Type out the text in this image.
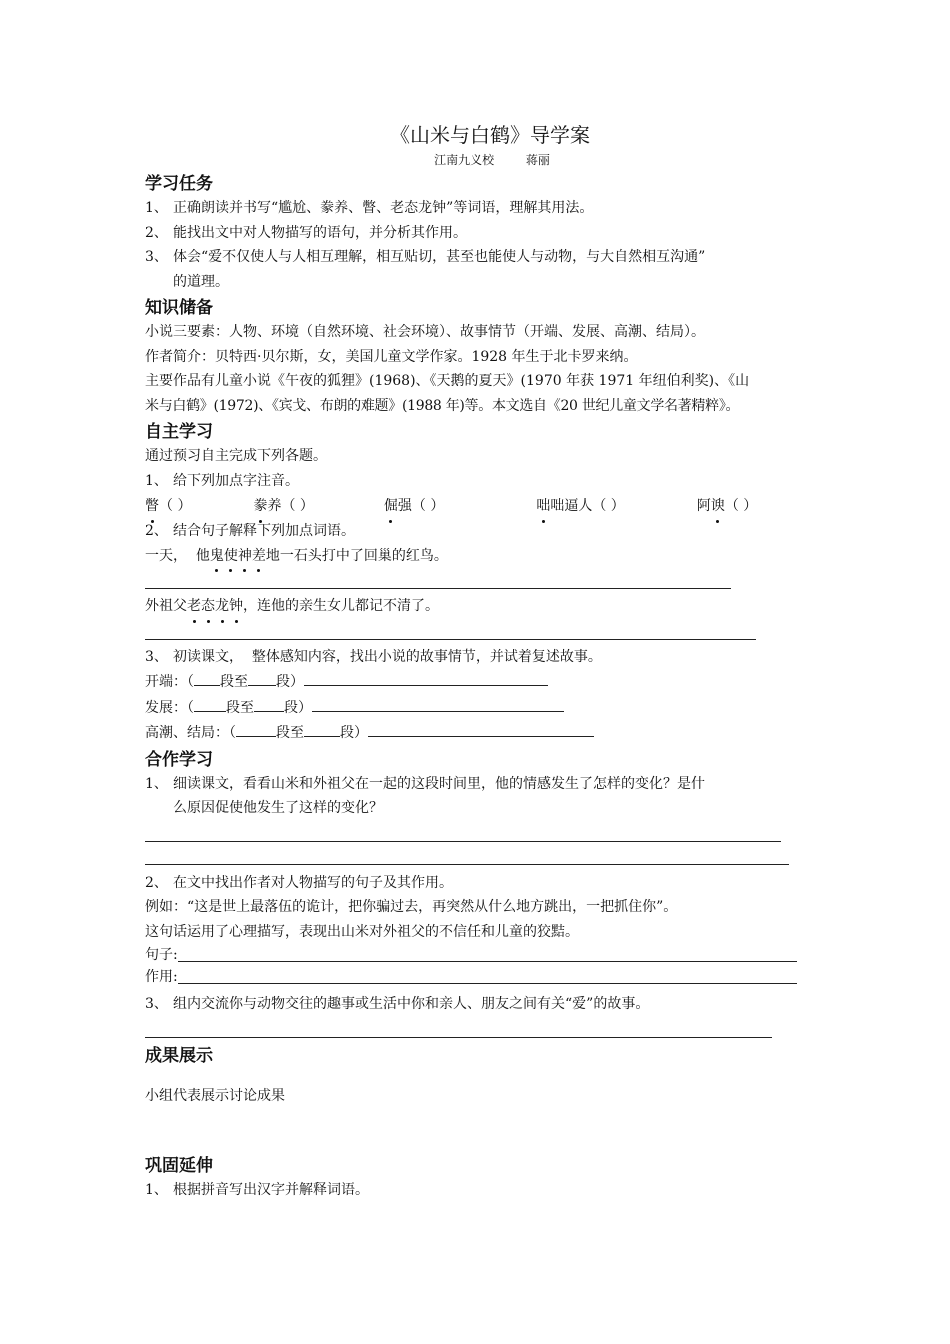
《山米与白鹤》导学案
江南九义校	蒋丽
学习任务
1、 正确朗读并书写“尴尬、豢养、瞥、老态龙钟”等词语，理解其用法。
2、 能找出文中对人物描写的语句，并分析其作用。
3、 体会“爱不仅使人与人相互理解，相互贴切，甚至也能使人与动物，与大自然相互沟通”
的道理。
知识储备
小说三要素：人物、环境（自然环境、社会环境）、故事情节（开端、发展、高潮、结局）。
作者简介：贝特西·贝尔斯，女，美国儿童文学作家。1928 年生于北卡罗来纳。
主要作品有儿童小说《午夜的狐狸》(1968)、《天鹅的夏天》(1970 年获 1971 年纽伯利奖)、《山
米与白鹤》(1972)、《宾戈、布朗的难题》(1988 年)等。本文选自《20 世纪儿童文学名著精粹》。
自主学习
通过预习自主完成下列各题。
1、 给下列加点字注音。
瞥（ ）	豢养（ ）	倔强（ ）	咄咄逼人（ ）	阿谀（ ）
2、 结合句子解释下列加点词语。
一天，  他鬼使神差地一石头打中了回巢的红鸟。
外祖父老态龙钟，连他的亲生女儿都记不清了。
3、 初读课文，  整体感知内容，找出小说的故事情节，并试着复述故事。
开端：（ 段至 段）
发展：（ 段至 段）
高潮、结局：（	段至	段）
合作学习
1、 细读课文，看看山米和外祖父在一起的这段时间里，他的情感发生了怎样的变化？是什
么原因促使他发生了这样的变化？
2、 在文中找出作者对人物描写的句子及其作用。
例如：“这是世上最落伍的诡计，把你骗过去，再突然从什么地方跳出，一把抓住你”。
这句话运用了心理描写，表现出山米对外祖父的不信任和儿童的狡黠。
句子:
作用:
3、 组内交流你与动物交往的趣事或生活中你和亲人、朋友之间有关“爱”的故事。
成果展示
小组代表展示讨论成果
巩固延伸
1、 根据拼音写出汉字并解释词语。
